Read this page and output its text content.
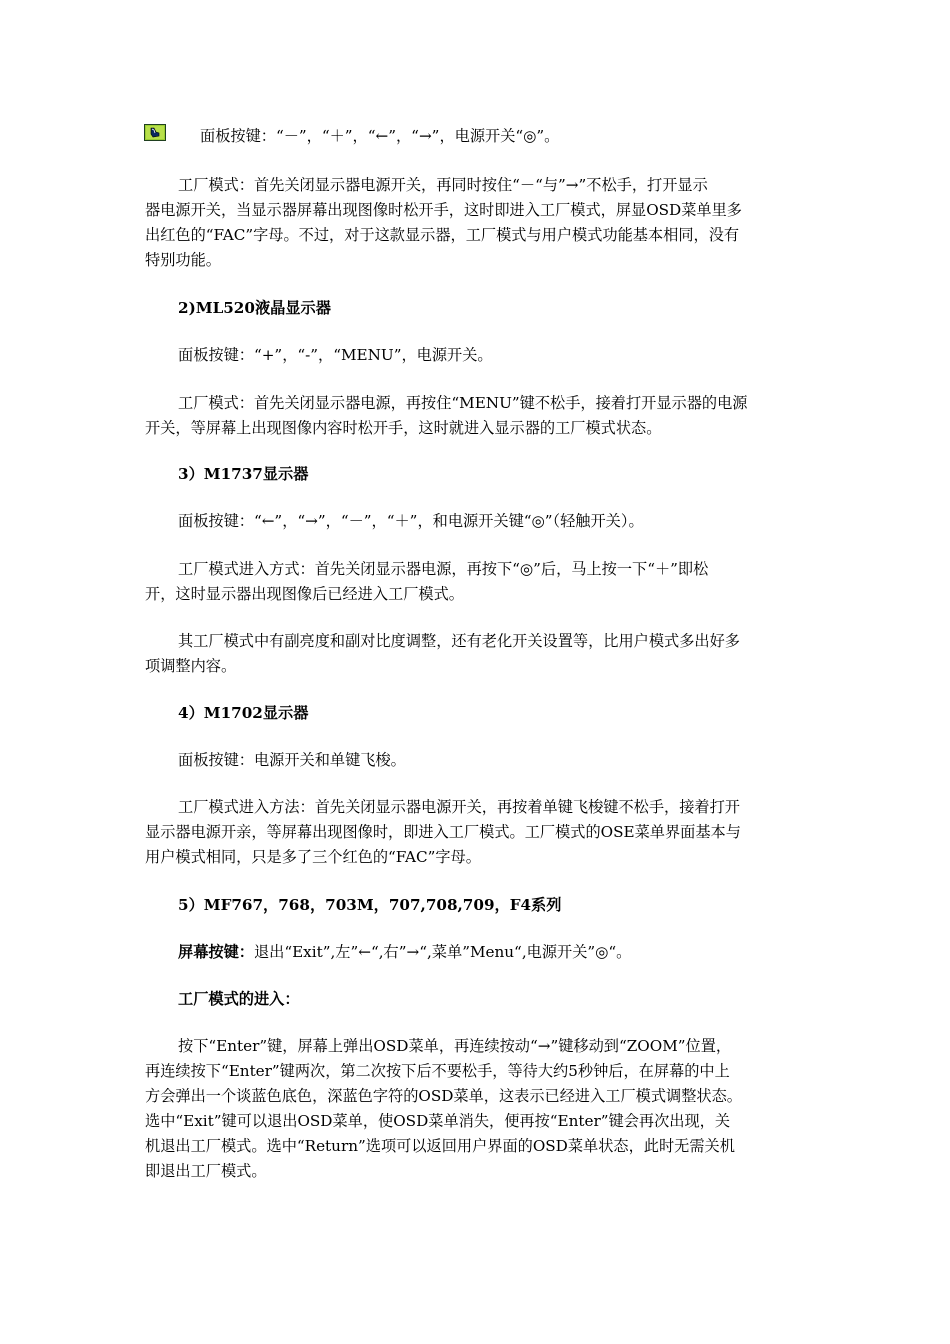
面板按键：“－”，“＋”，“←”，“→”，电源开关“◎”。
工厂模式：首先关闭显示器电源开关，再同时按住“－“与”→”不松手，打开显示
器电源开关，当显示器屏幕出现图像时松开手，这时即进入工厂模式，屏显OSD菜单里多
出红色的“FAC”字母。不过，对于这款显示器，工厂模式与用户模式功能基本相同，没有
特别功能。
2)ML520液晶显示器
面板按键：“+”，“-”，“MENU”，电源开关。
工厂模式：首先关闭显示器电源，再按住“MENU”键不松手，接着打开显示器的电源
开关，等屏幕上出现图像内容时松开手，这时就进入显示器的工厂模式状态。
3）M1737显示器
面板按键：“←”，“→”，“－”，“＋”，和电源开关键“◎”（轻触开关）。
工厂模式进入方式：首先关闭显示器电源，再按下“◎”后，马上按一下“＋”即松
开，这时显示器出现图像后已经进入工厂模式。
其工厂模式中有副亮度和副对比度调整，还有老化开关设置等，比用户模式多出好多
项调整内容。
4）M1702显示器
面板按键：电源开关和单键飞梭。
工厂模式进入方法：首先关闭显示器电源开关，再按着单键飞梭键不松手，接着打开
显示器电源开亲，等屏幕出现图像时，即进入工厂模式。工厂模式的OSE菜单界面基本与
用户模式相同，只是多了三个红色的“FAC”字母。
5）MF767，768，703M，707,708,709，F4系列
屏幕按键：退出“Exit”,左”←“,右”→“,菜单”Menu“,电源开关”◎“。
工厂模式的进入：
按下“Enter”键，屏幕上弹出OSD菜单，再连续按动“→”键移动到“ZOOM”位置，
再连续按下“Enter”键两次，第二次按下后不要松手，等待大约5秒钟后，在屏幕的中上
方会弹出一个谈蓝色底色，深蓝色字符的OSD菜单，这表示已经进入工厂模式调整状态。
选中“Exit”键可以退出OSD菜单，使OSD菜单消失，便再按“Enter”键会再次出现，关
机退出工厂模式。选中“Return”选项可以返回用户界面的OSD菜单状态，此时无需关机
即退出工厂模式。
